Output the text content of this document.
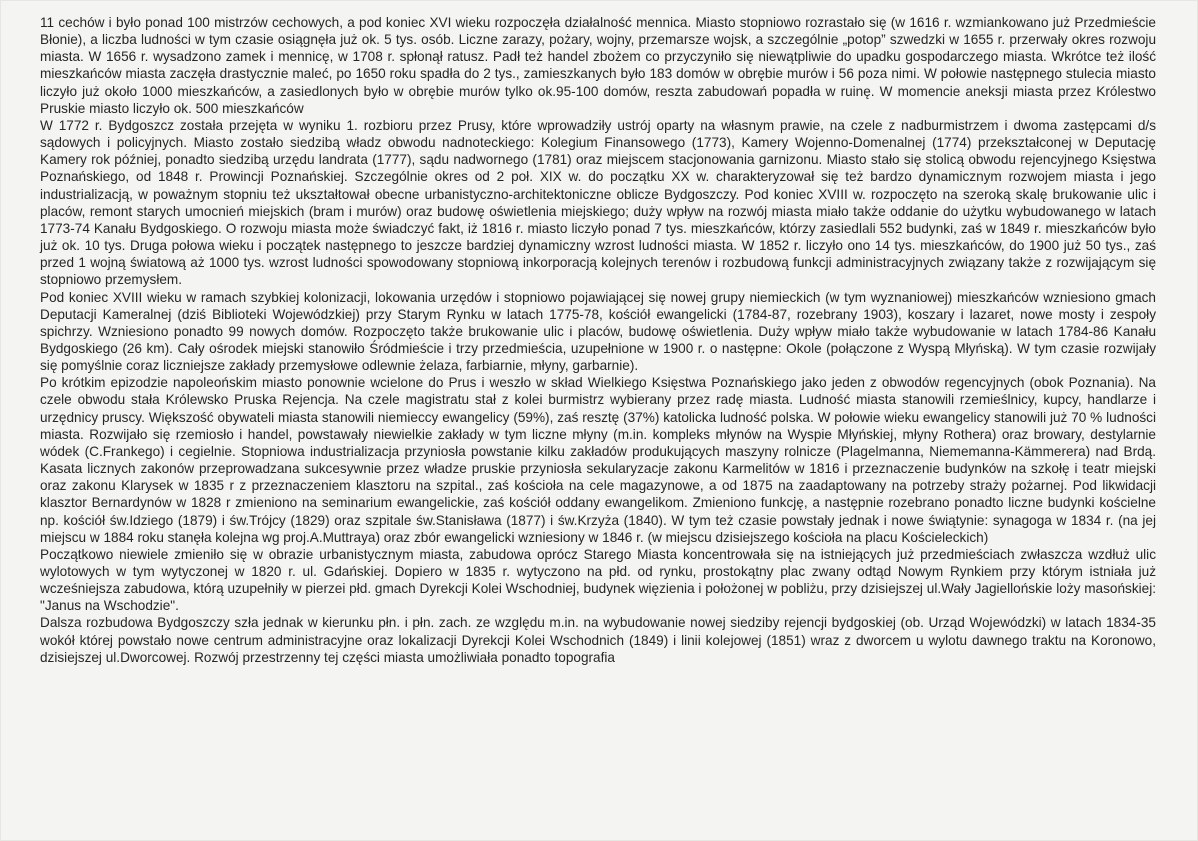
11 cechów i było ponad 100 mistrzów cechowych, a pod koniec XVI wieku rozpoczęła działalność mennica. Miasto stopniowo rozrastało się (w 1616 r. wzmiankowano już Przedmieście Błonie), a liczba ludności w tym czasie osiągnęła już ok. 5 tys. osób. Liczne zarazy, pożary, wojny, przemarsze wojsk, a szczególnie „potop” szwedzki w 1655 r. przerwały okres rozwoju miasta. W 1656 r. wysadzono zamek i mennicę, w 1708 r. spłonął ratusz. Padł też handel zbożem co przyczyniło się niewątpliwie do upadku gospodarczego miasta. Wkrótce też ilość mieszkańców miasta zaczęła drastycznie maleć, po 1650 roku spadła do 2 tys., zamieszkanych było 183 domów w obrębie murów i 56 poza nimi. W połowie następnego stulecia miasto liczyło już około 1000 mieszkańców, a zasiedlonych było w obrębie murów tylko ok.95-100 domów, reszta zabudowań popadła w ruinę. W momencie aneksji miasta przez Królestwo Pruskie miasto liczyło ok. 500 mieszkańców

W 1772 r. Bydgoszcz została przejęta w wyniku 1. rozbioru przez Prusy, które wprowadziły ustrój oparty na własnym prawie, na czele z nadburmistrzem i dwoma zastępcami d/s sądowych i policyjnych. Miasto zostało siedzibą władz obwodu nadnoteckiego: Kolegium Finansowego (1773), Kamery Wojenno-Domenalnej (1774) przekształconej w Deputację Kamery rok później, ponadto siedzibą urzędu landrata (1777), sądu nadwornego (1781) oraz miejscem stacjonowania garnizonu. Miasto stało się stolicą obwodu rejencyjnego Księstwa Poznańskiego, od 1848 r. Prowincji Poznańskiej. Szczególnie okres od 2 poł. XIX w. do początku XX w. charakteryzował się też bardzo dynamicznym rozwojem miasta i jego industrializacją, w poważnym stopniu też ukształtował obecne urbanistyczno-architektoniczne oblicze Bydgoszczy. Pod koniec XVIII w. rozpoczęto na szeroką skalę brukowanie ulic i placów, remont starych umocnień miejskich (bram i murów) oraz budowę oświetlenia miejskiego; duży wpływ na rozwój miasta miało także oddanie do użytku wybudowanego w latach 1773-74 Kanału Bydgoskiego. O rozwoju miasta może świadczyć fakt, iż 1816 r. miasto liczyło ponad 7 tys. mieszkańców, którzy zasiedlali 552 budynki, zaś w 1849 r. mieszkańców było już ok. 10 tys. Druga połowa wieku i początek następnego to jeszcze bardziej dynamiczny wzrost ludności miasta. W 1852 r. liczyło ono 14 tys. mieszkańców, do 1900 już 50 tys., zaś przed 1 wojną światową aż 1000 tys. wzrost ludności spowodowany stopniową inkorporacją kolejnych terenów i rozbudową funkcji administracyjnych związany także z rozwijającym się stopniowo przemysłem.

Pod koniec XVIII wieku w ramach szybkiej kolonizacji, lokowania urzędów i stopniowo pojawiającej się nowej grupy niemieckich (w tym wyznaniowej) mieszkańców wzniesiono gmach Deputacji Kameralnej (dziś Biblioteki Wojewódzkiej) przy Starym Rynku w latach 1775-78, kościół ewangelicki (1784-87, rozebrany 1903), koszary i lazaret, nowe mosty i zespoły spichrzy. Wzniesiono ponadto 99 nowych domów. Rozpoczęto także brukowanie ulic i placów, budowę oświetlenia. Duży wpływ miało także wybudowanie w latach 1784-86 Kanału Bydgoskiego (26 km). Cały ośrodek miejski stanowiło Śródmieście i trzy przedmieścia, uzupełnione w 1900 r. o następne: Okole (połączone z Wyspą Młyńską). W tym czasie rozwijały się pomyślnie coraz liczniejsze zakłady przemysłowe odlewnie żelaza, farbiarnie, młyny, garbarnie).

Po krótkim epizodzie napoleońskim miasto ponownie wcielone do Prus i weszło w skład Wielkiego Księstwa Poznańskiego jako jeden z obwodów regencyjnych (obok Poznania). Na czele obwodu stała Królewsko Pruska Rejencja. Na czele magistratu stał z kolei burmistrz wybierany przez radę miasta. Ludność miasta stanowili rzemieślnicy, kupcy, handlarze i urzędnicy pruscy. Większość obywateli miasta stanowili niemieccy ewangelicy (59%), zaś resztę (37%) katolicka ludność polska. W połowie wieku ewangelicy stanowili już 70 % ludności miasta. Rozwijało się rzemiosło i handel, powstawały niewielkie zakłady w tym liczne młyny (m.in. kompleks młynów na Wyspie Młyńskiej, młyny Rothera) oraz browary, destylarnie wódek (C.Frankego) i cegielnie. Stopniowa industrializacja przyniosła powstanie kilku zakładów produkujących maszyny rolnicze (Plagelmanna, Niememanna-Kämmerera) nad Brdą. Kasata licznych zakonów przeprowadzana sukcesywnie przez władze pruskie przyniosła sekularyzacje zakonu Karmelitów w 1816 i przeznaczenie budynków na szkołę i teatr miejski oraz zakonu Klarysek w 1835 r z przeznaczeniem klasztoru na szpital., zaś kościoła na cele magazynowe, a od 1875 na zaadaptowany na potrzeby straży pożarnej. Pod likwidacji klasztor Bernardynów w 1828 r zmieniono na seminarium ewangelickie, zaś kościół oddany ewangelikom. Zmieniono funkcję, a następnie rozebrano ponadto liczne budynki kościelne np. kościół św.Idziego (1879) i św.Trójcy (1829) oraz szpitale św.Stanisława (1877) i św.Krzyża (1840). W tym też czasie powstały jednak i nowe świątynie: synagoga w 1834 r. (na jej miejscu w 1884 roku stanęła kolejna wg proj.A.Muttraya) oraz zbór ewangelicki wzniesiony w 1846 r. (w miejscu dzisiejszego kościoła na placu Kościeleckich)

Początkowo niewiele zmieniło się w obrazie urbanistycznym miasta, zabudowa oprócz Starego Miasta koncentrowała się na istniejących już przedmieściach zwłaszcza wzdłuż ulic wylotowych w tym wytyczonej w 1820 r. ul. Gdańskiej. Dopiero w 1835 r. wytyczono na płd. od rynku, prostokątny plac zwany odtąd Nowym Rynkiem przy którym istniała już wcześniejsza zabudowa, którą uzupełniły w pierzei płd. gmach Dyrekcji Kolei Wschodniej, budynek więzienia i położonej w pobliżu, przy dzisiejszej ul.Wały Jagiellońskie loży masońskiej: "Janus na Wschodzie".

Dalsza rozbudowa Bydgoszczy szła jednak w kierunku płn. i płn. zach. ze względu m.in. na wybudowanie nowej siedziby rejencji bydgoskiej (ob. Urząd Wojewódzki) w latach 1834-35 wokół której powstało nowe centrum administracyjne oraz lokalizacji Dyrekcji Kolei Wschodnich (1849) i linii kolejowej (1851) wraz z dworcem u wylotu dawnego traktu na Koronowo, dzisiejszej ul.Dworcowej. Rozwój przestrzenny tej części miasta umożliwiała ponadto topografia
